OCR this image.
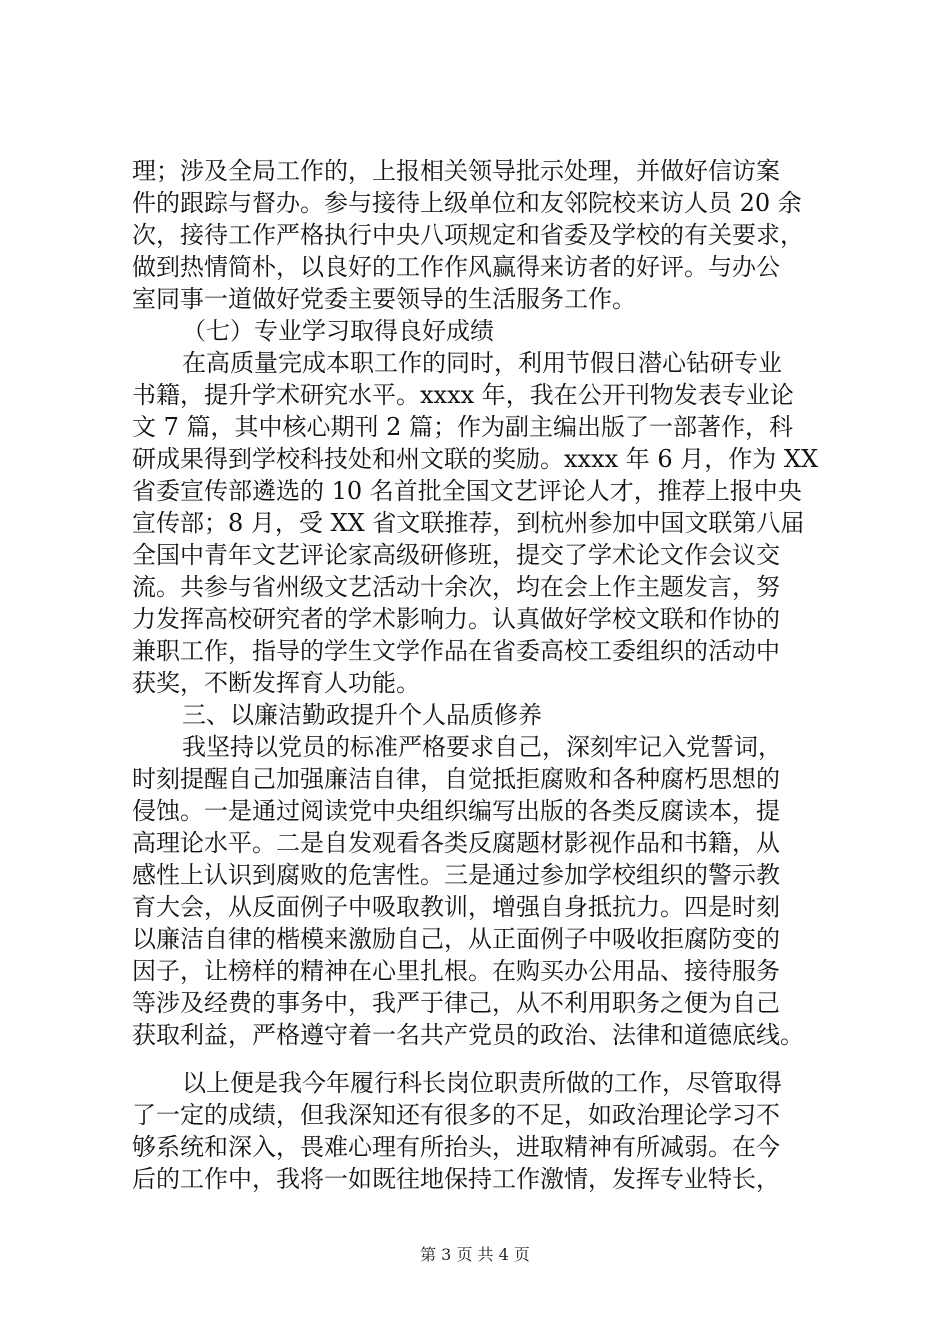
理；涉及全局工作的，上报相关领导批示处理，并做好信访案
件的跟踪与督办。参与接待上级单位和友邻院校来访人员 20 余
次，接待工作严格执行中央八项规定和省委及学校的有关要求，
做到热情简朴，以良好的工作作风赢得来访者的好评。与办公
室同事一道做好党委主要领导的生活服务工作。
（七）专业学习取得良好成绩
在高质量完成本职工作的同时，利用节假日潜心钻研专业
书籍，提升学术研究水平。xxxx 年，我在公开刊物发表专业论
文 7 篇，其中核心期刊 2 篇；作为副主编出版了一部著作，科
研成果得到学校科技处和州文联的奖励。xxxx 年 6 月，作为 XX
省委宣传部遴选的 10 名首批全国文艺评论人才，推荐上报中央
宣传部；8 月，受 XX 省文联推荐，到杭州参加中国文联第八届
全国中青年文艺评论家高级研修班，提交了学术论文作会议交
流。共参与省州级文艺活动十余次，均在会上作主题发言，努
力发挥高校研究者的学术影响力。认真做好学校文联和作协的
兼职工作，指导的学生文学作品在省委高校工委组织的活动中
获奖，不断发挥育人功能。
三、以廉洁勤政提升个人品质修养
我坚持以党员的标准严格要求自己，深刻牢记入党誓词，
时刻提醒自己加强廉洁自律，自觉抵拒腐败和各种腐朽思想的
侵蚀。一是通过阅读党中央组织编写出版的各类反腐读本，提
高理论水平。二是自发观看各类反腐题材影视作品和书籍，从
感性上认识到腐败的危害性。三是通过参加学校组织的警示教
育大会，从反面例子中吸取教训，增强自身抵抗力。四是时刻
以廉洁自律的楷模来激励自己，从正面例子中吸收拒腐防变的
因子，让榜样的精神在心里扎根。在购买办公用品、接待服务
等涉及经费的事务中，我严于律己，从不利用职务之便为自己
获取利益，严格遵守着一名共产党员的政治、法律和道德底线。
以上便是我今年履行科长岗位职责所做的工作，尽管取得
了一定的成绩，但我深知还有很多的不足，如政治理论学习不
够系统和深入，畏难心理有所抬头，进取精神有所减弱。在今
后的工作中，我将一如既往地保持工作激情，发挥专业特长，
第 3 页 共 4 页
